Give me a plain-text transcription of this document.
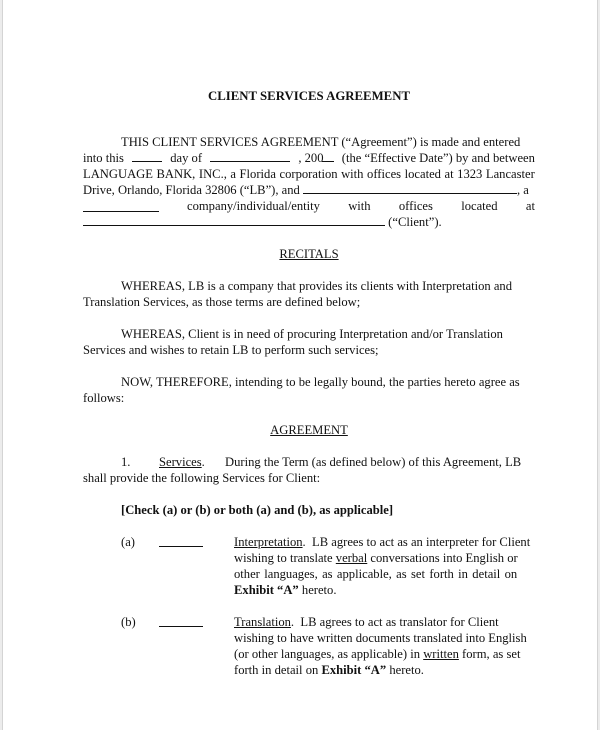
CLIENT SERVICES AGREEMENT
THIS CLIENT SERVICES AGREEMENT (“Agreement”) is made and entered
into this	day of	, 200 (the “Effective Date”) by and between
LANGUAGE BANK, INC., a Florida corporation with offices located at 1323 Lancaster
Drive, Orlando, Florida 32806 (“LB”), and	, a
company/individual/entity with offices located at
(“Client”).
RECITALS
WHEREAS, LB is a company that provides its clients with Interpretation and
Translation Services, as those terms are defined below;
WHEREAS, Client is in need of procuring Interpretation and/or Translation
Services and wishes to retain LB to perform such services;
NOW, THEREFORE, intending to be legally bound, the parties hereto agree as
follows:
AGREEMENT
1. Services. During the Term (as defined below) of this Agreement, LB
shall provide the following Services for Client:
[Check (a) or (b) or both (a) and (b), as applicable]
(a)	Interpretation.  LB agrees to act as an interpreter for Client
wishing to translate verbal conversations into English or
other languages, as applicable, as set forth in detail on
Exhibit “A” hereto.
(b)	Translation.  LB agrees to act as translator for Client
wishing to have written documents translated into English
(or other languages, as applicable) in written form, as set
forth in detail on Exhibit “A” hereto.
